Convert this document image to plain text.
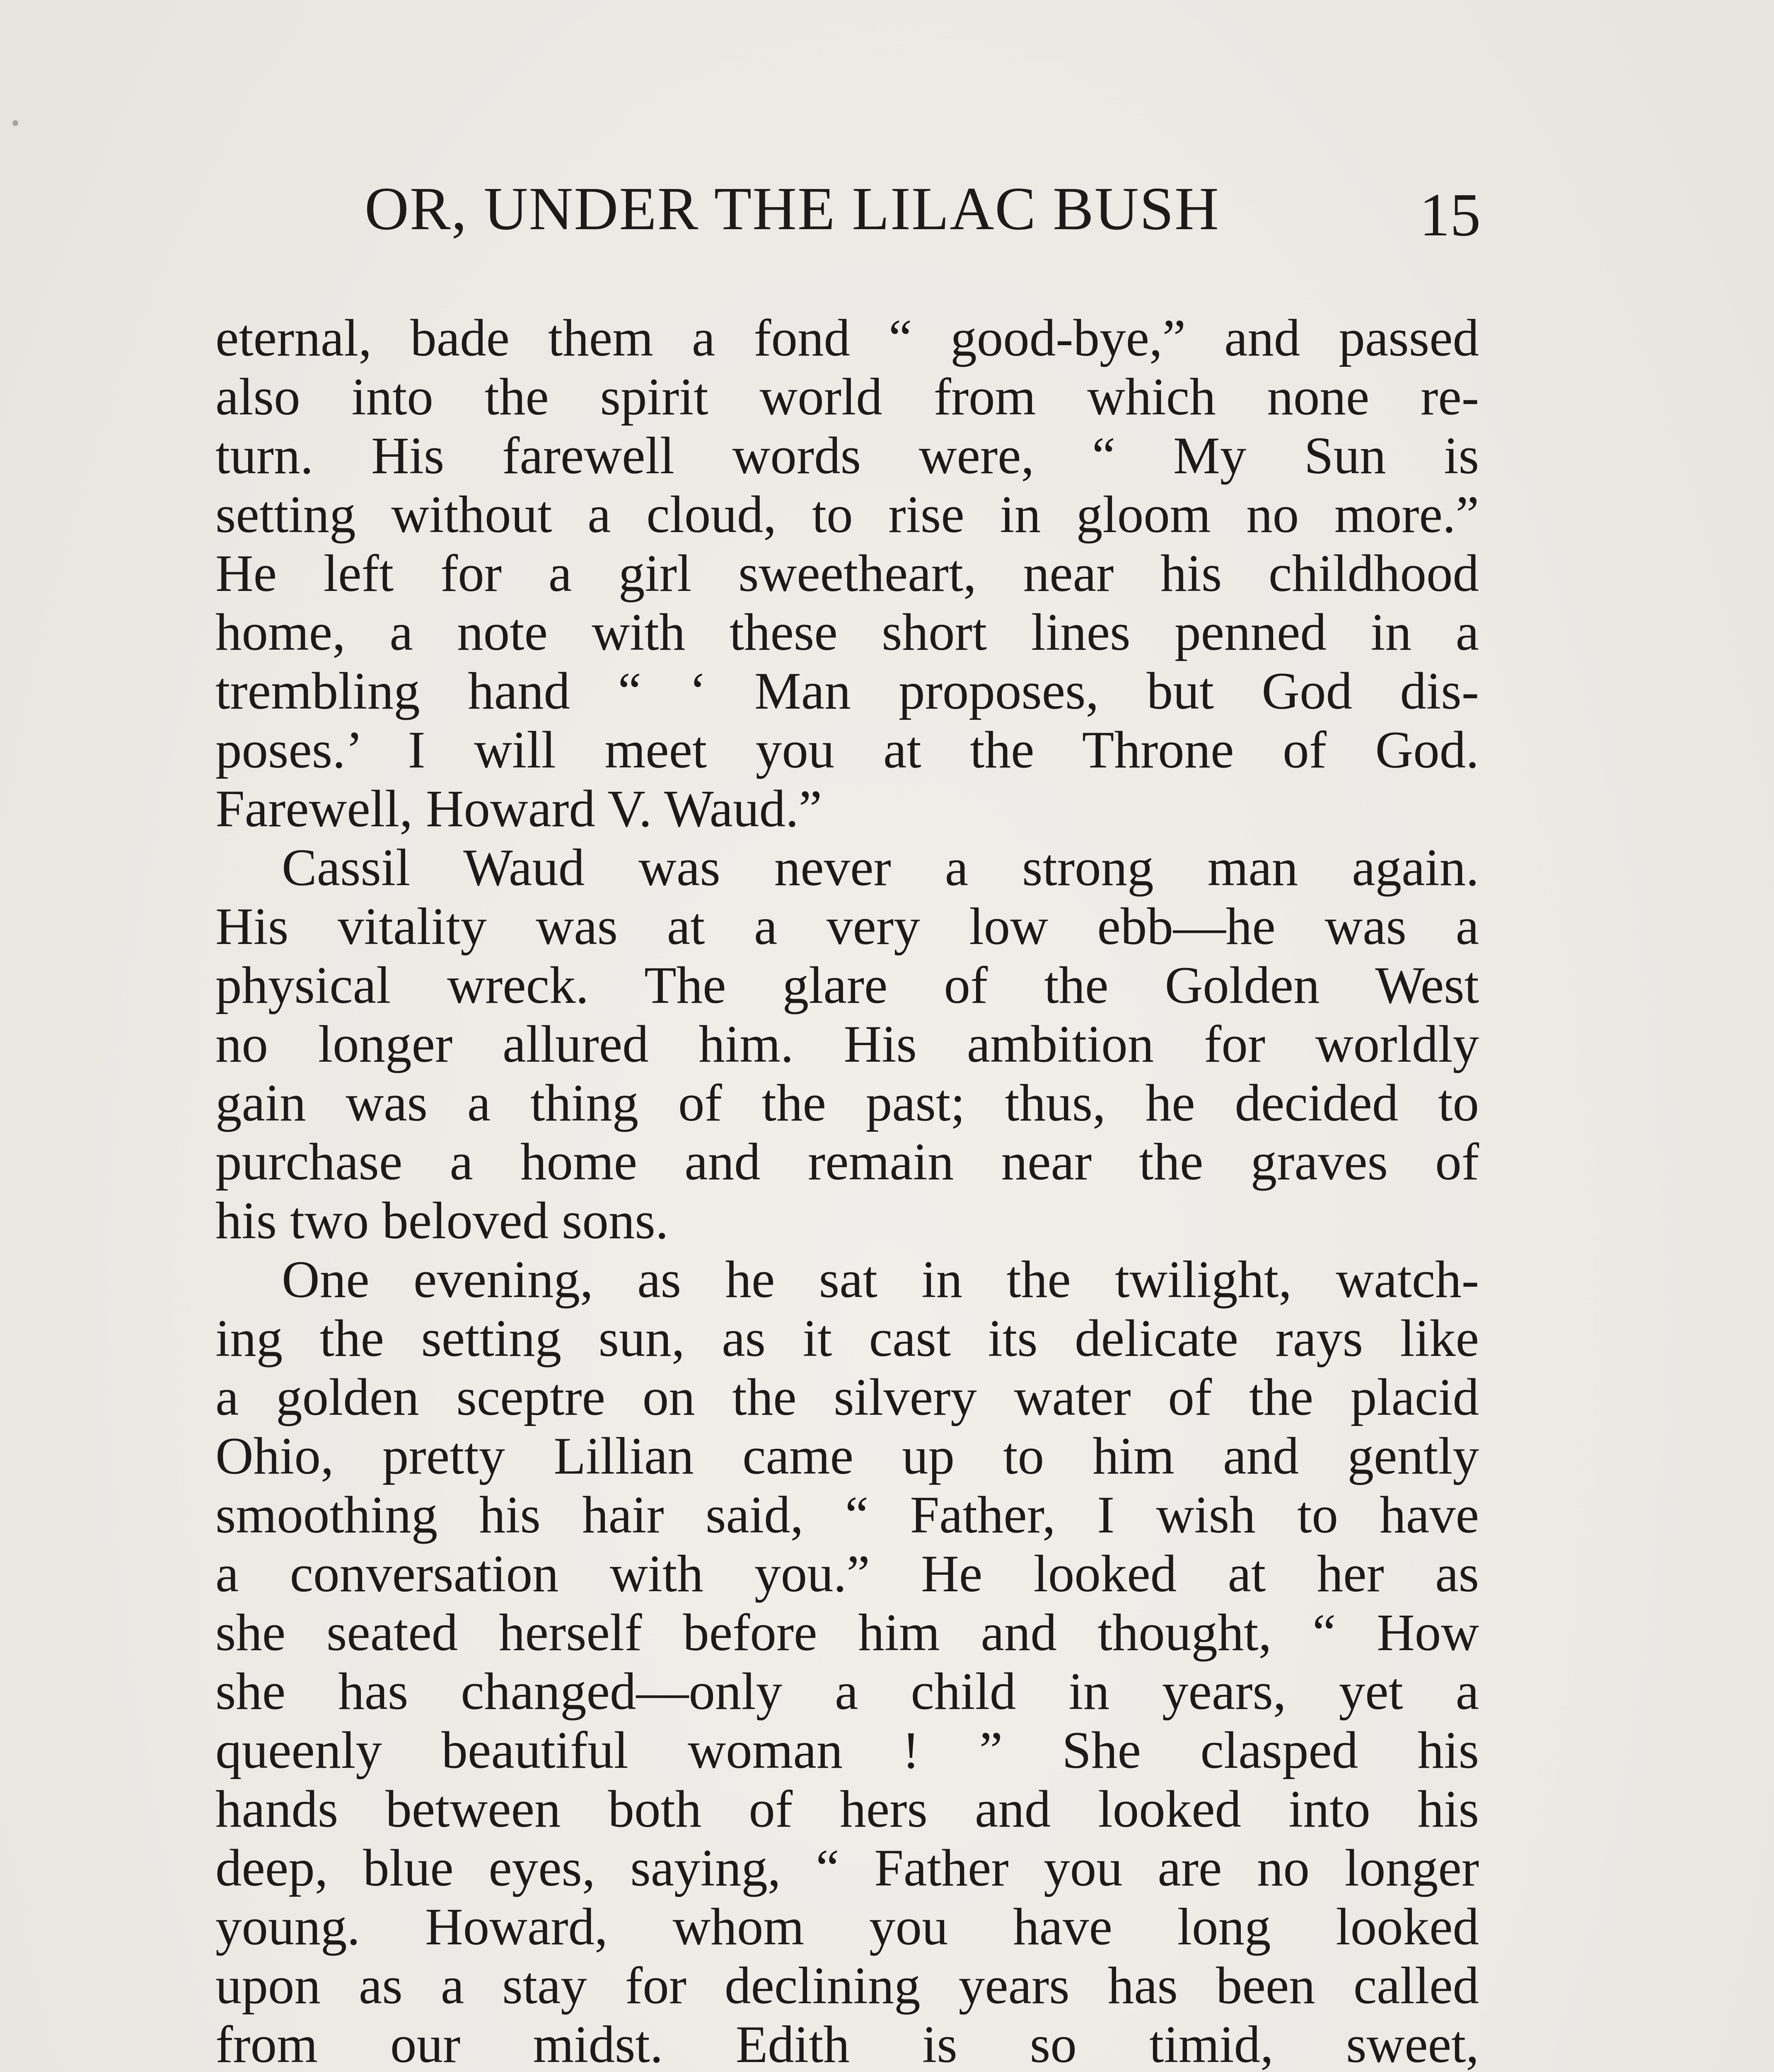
OR, UNDER THE LILAC BUSH	15
eternal, bade them a fond “ good-bye,” and passed
also into the spirit world from which none re-
turn. His farewell words were, “ My Sun is
setting without a cloud, to rise in gloom no more.”
He left for a girl sweetheart, near his childhood
home, a note with these short lines penned in a
trembling hand “ ‘ Man proposes, but God dis-
poses.’ I will meet you at the Throne of God.
Farewell, Howard V. Waud.”
Cassil Waud was never a strong man again.
His vitality was at a very low ebb—he was a
physical wreck. The glare of the Golden West
no longer allured him. His ambition for worldly
gain was a thing of the past; thus, he decided to
purchase a home and remain near the graves of
his two beloved sons.
One evening, as he sat in the twilight, watch-
ing the setting sun, as it cast its delicate rays like
a golden sceptre on the silvery water of the placid
Ohio, pretty Lillian came up to him and gently
smoothing his hair said, “ Father, I wish to have
a conversation with you.” He looked at her as
she seated herself before him and thought, “ How
she has changed—only a child in years, yet a
queenly beautiful woman ! ” She clasped his
hands between both of hers and looked into his
deep, blue eyes, saying, “ Father you are no longer
young. Howard, whom you have long looked
upon as a stay for declining years has been called
from our midst. Edith is so timid, sweet,
